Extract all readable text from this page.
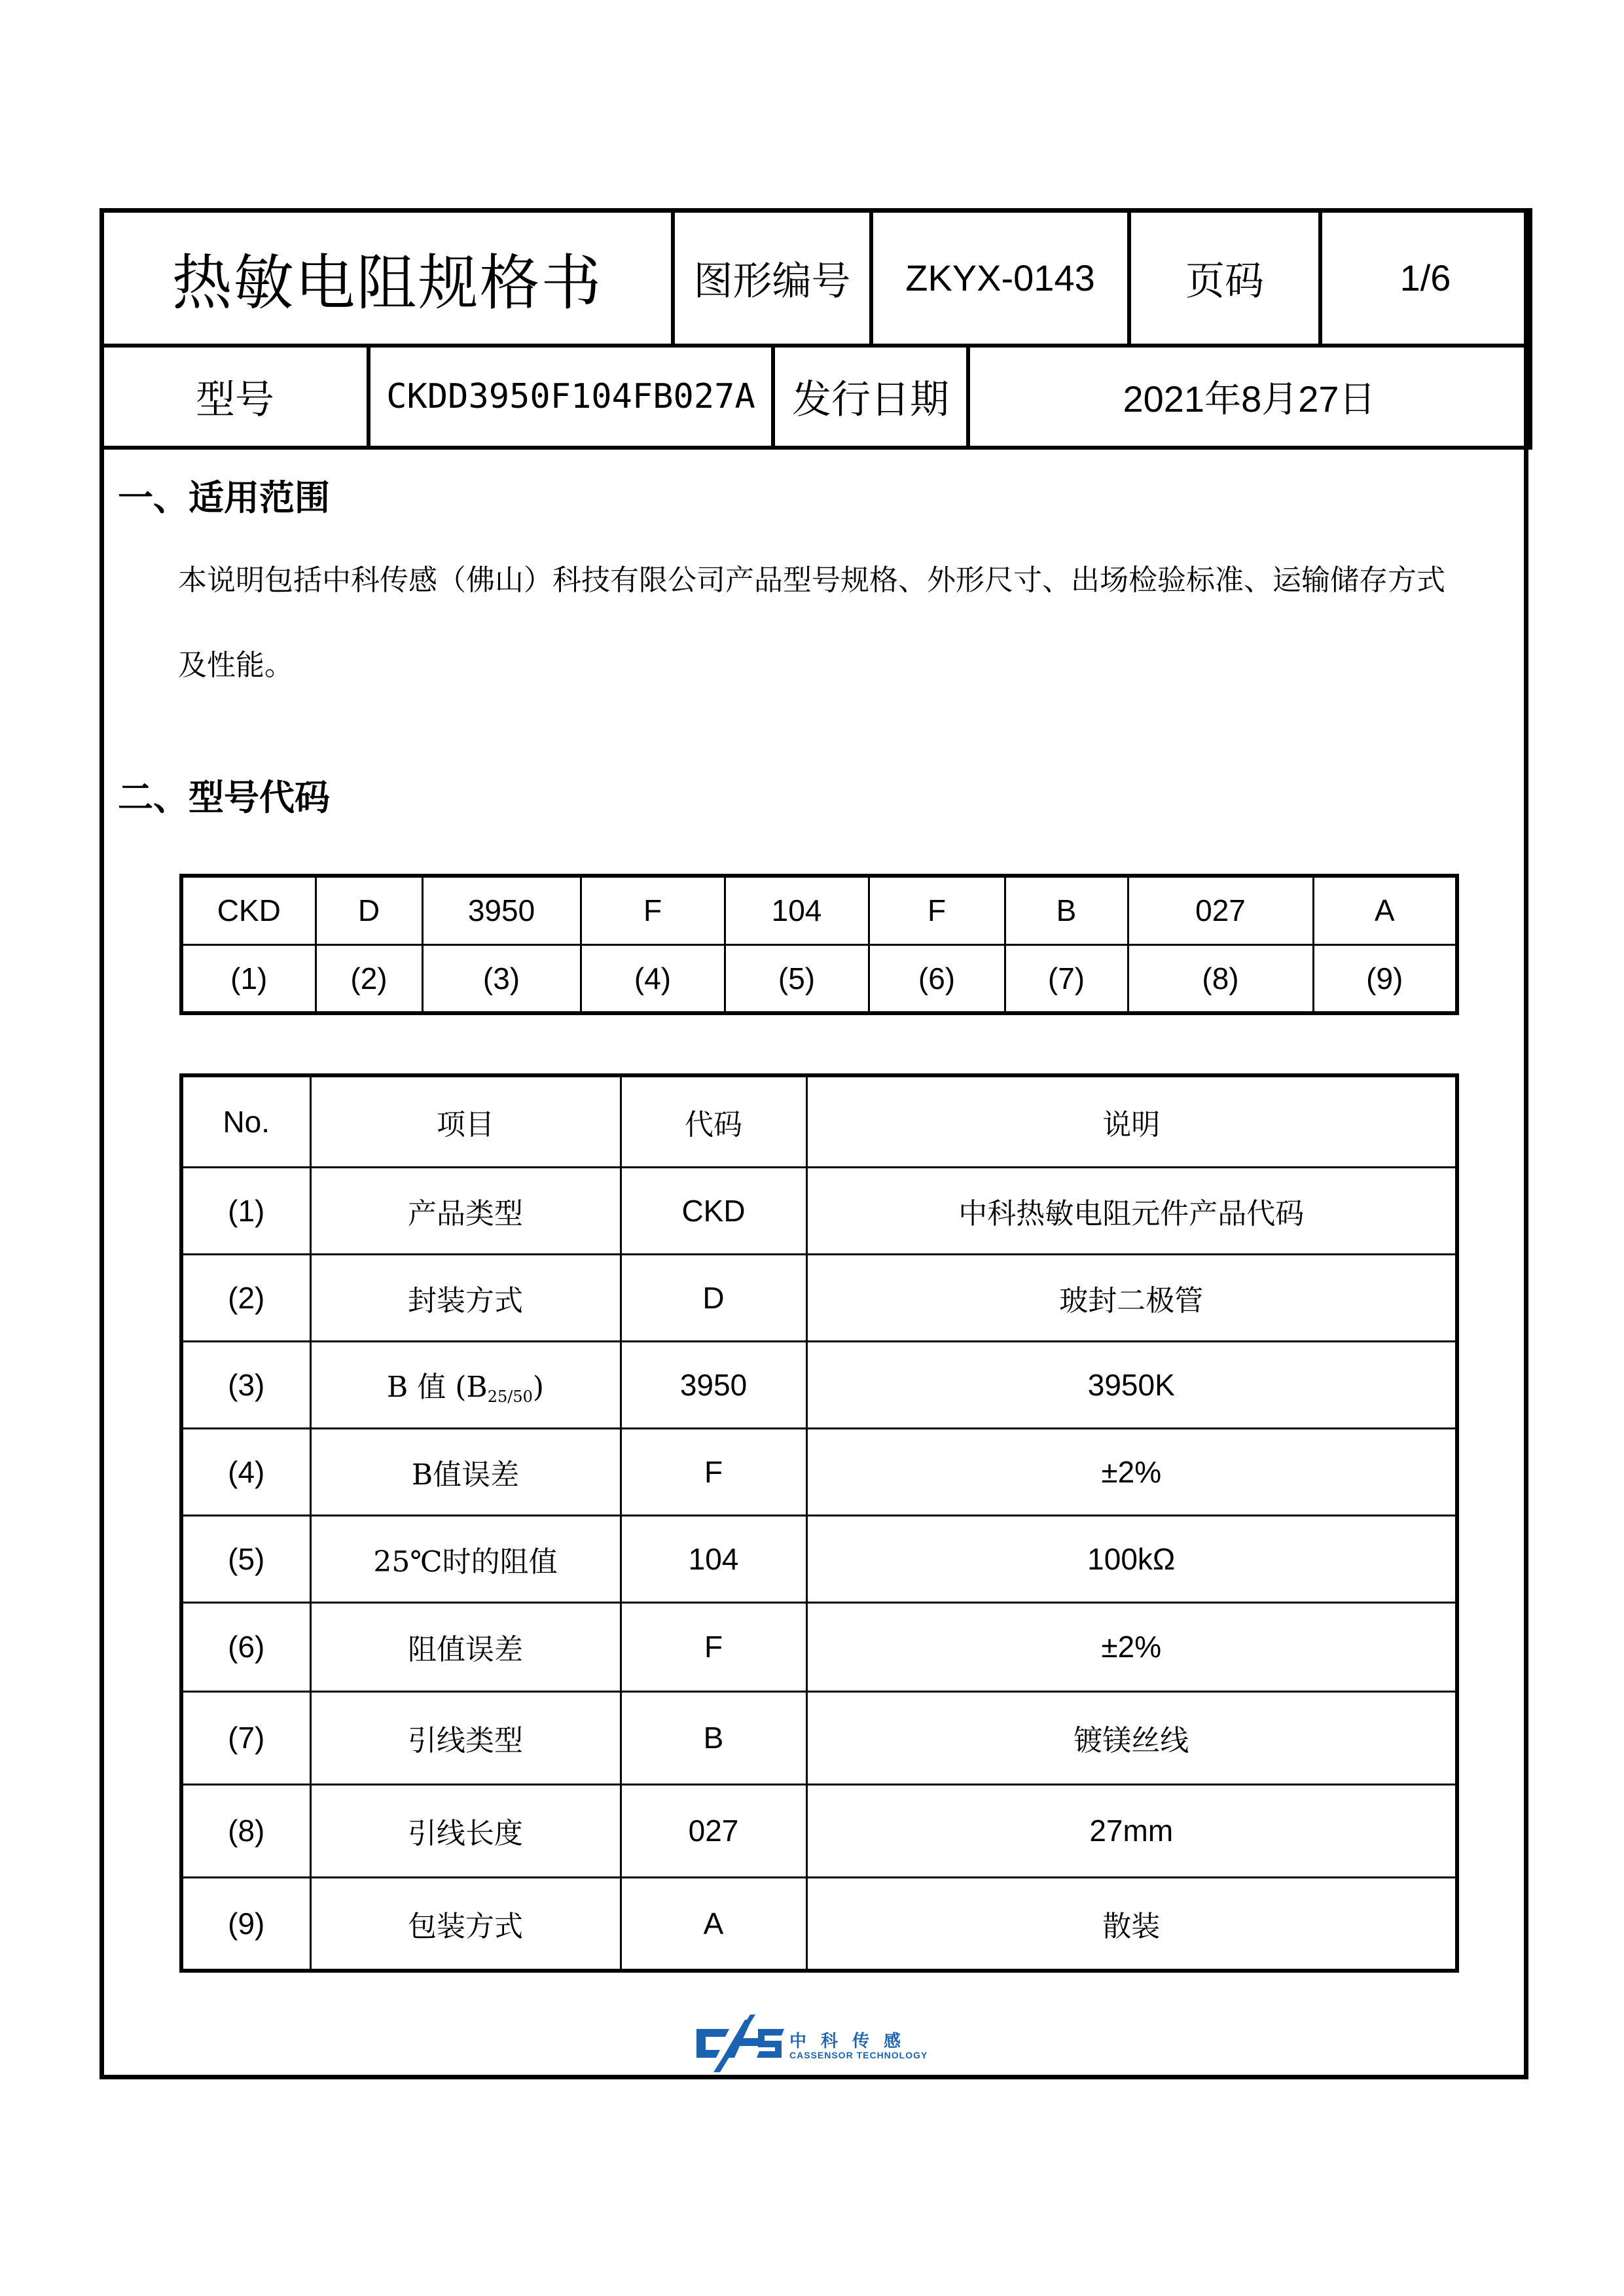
热敏电阻规格书	图形编号	ZKYX-0143	页码	1/6
型号	CKDD3950F104FB027A	发行日期	2021年8月27日
一、适用范围
本说明包括中科传感（佛山）科技有限公司产品型号规格、外形尺寸、出场检验标准、运输储存方式及性能。
二、型号代码
CKD	D	3950	F	104	F	B	027	A
(1)	(2)	(3)	(4)	(5)	(6)	(7)	(8)	(9)
No.	项目	代码	说明
(1)	产品类型	CKD	中科热敏电阻元件产品代码
(2)	封装方式	D	玻封二极管
(3)	B 值 $(B_{25/50})$	3950	3950K
(4)	B值误差	F	±2%
(5)	25℃时的阻值	104	100kΩ
(6)	阻值误差	F	±2%
(7)	引线类型	B	镀镁丝线
(8)	引线长度	027	27mm
(9)	包装方式	A	散装
中科传感
CASSENSOR TECHNOLOGY
